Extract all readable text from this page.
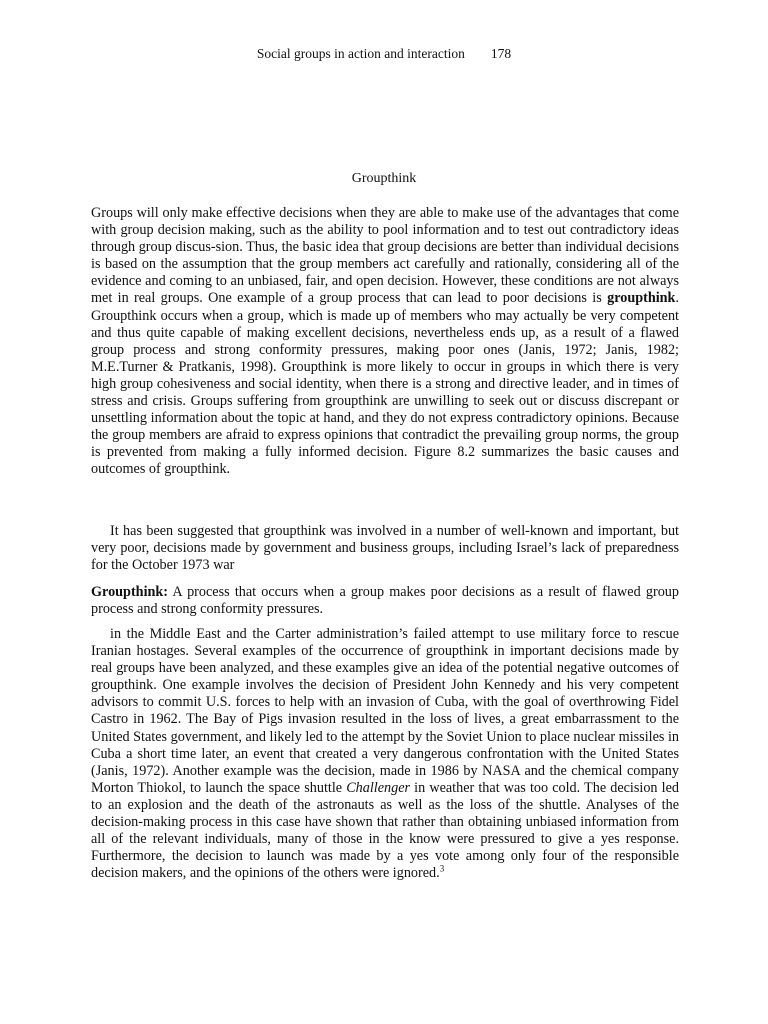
Social groups in action and interaction 178
Groupthink

Groups will only make effective decisions when they are able to make use of the advantages that come with group decision making, such as the ability to pool information and to test out contradictory ideas through group discus-sion. Thus, the basic idea that group decisions are better than individual decisions is based on the assumption that the group members act carefully and rationally, considering all of the evidence and coming to an unbiased, fair, and open decision. However, these conditions are not always met in real groups. One example of a group process that can lead to poor decisions is groupthink. Groupthink occurs when a group, which is made up of members who may actually be very competent and thus quite capable of making excellent decisions, nevertheless ends up, as a result of a flawed group process and strong conformity pressures, making poor ones (Janis, 1972; Janis, 1982; M.E.Turner & Pratkanis, 1998). Groupthink is more likely to occur in groups in which there is very high group cohesiveness and social identity, when there is a strong and directive leader, and in times of stress and crisis. Groups suffering from groupthink are unwilling to seek out or discuss discrepant or unsettling information about the topic at hand, and they do not express contradictory opinions. Because the group members are afraid to express opinions that contradict the prevailing group norms, the group is prevented from making a fully informed decision. Figure 8.2 summarizes the basic causes and outcomes of groupthink.

It has been suggested that groupthink was involved in a number of well-known and important, but very poor, decisions made by government and business groups, including Israel’s lack of preparedness for the October 1973 war

Groupthink: A process that occurs when a group makes poor decisions as a result of flawed group process and strong conformity pressures.

in the Middle East and the Carter administration’s failed attempt to use military force to rescue Iranian hostages. Several examples of the occurrence of groupthink in important decisions made by real groups have been analyzed, and these examples give an idea of the potential negative outcomes of groupthink. One example involves the decision of President John Kennedy and his very competent advisors to commit U.S. forces to help with an invasion of Cuba, with the goal of overthrowing Fidel Castro in 1962. The Bay of Pigs invasion resulted in the loss of lives, a great embarrassment to the United States government, and likely led to the attempt by the Soviet Union to place nuclear missiles in Cuba a short time later, an event that created a very dangerous confrontation with the United States (Janis, 1972). Another example was the decision, made in 1986 by NASA and the chemical company Morton Thiokol, to launch the space shuttle Challenger in weather that was too cold. The decision led to an explosion and the death of the astronauts as well as the loss of the shuttle. Analyses of the decision-making process in this case have shown that rather than obtaining unbiased information from all of the relevant individuals, many of those in the know were pressured to give a yes response. Furthermore, the decision to launch was made by a yes vote among only four of the responsible decision makers, and the opinions of the others were ignored.$^3$
